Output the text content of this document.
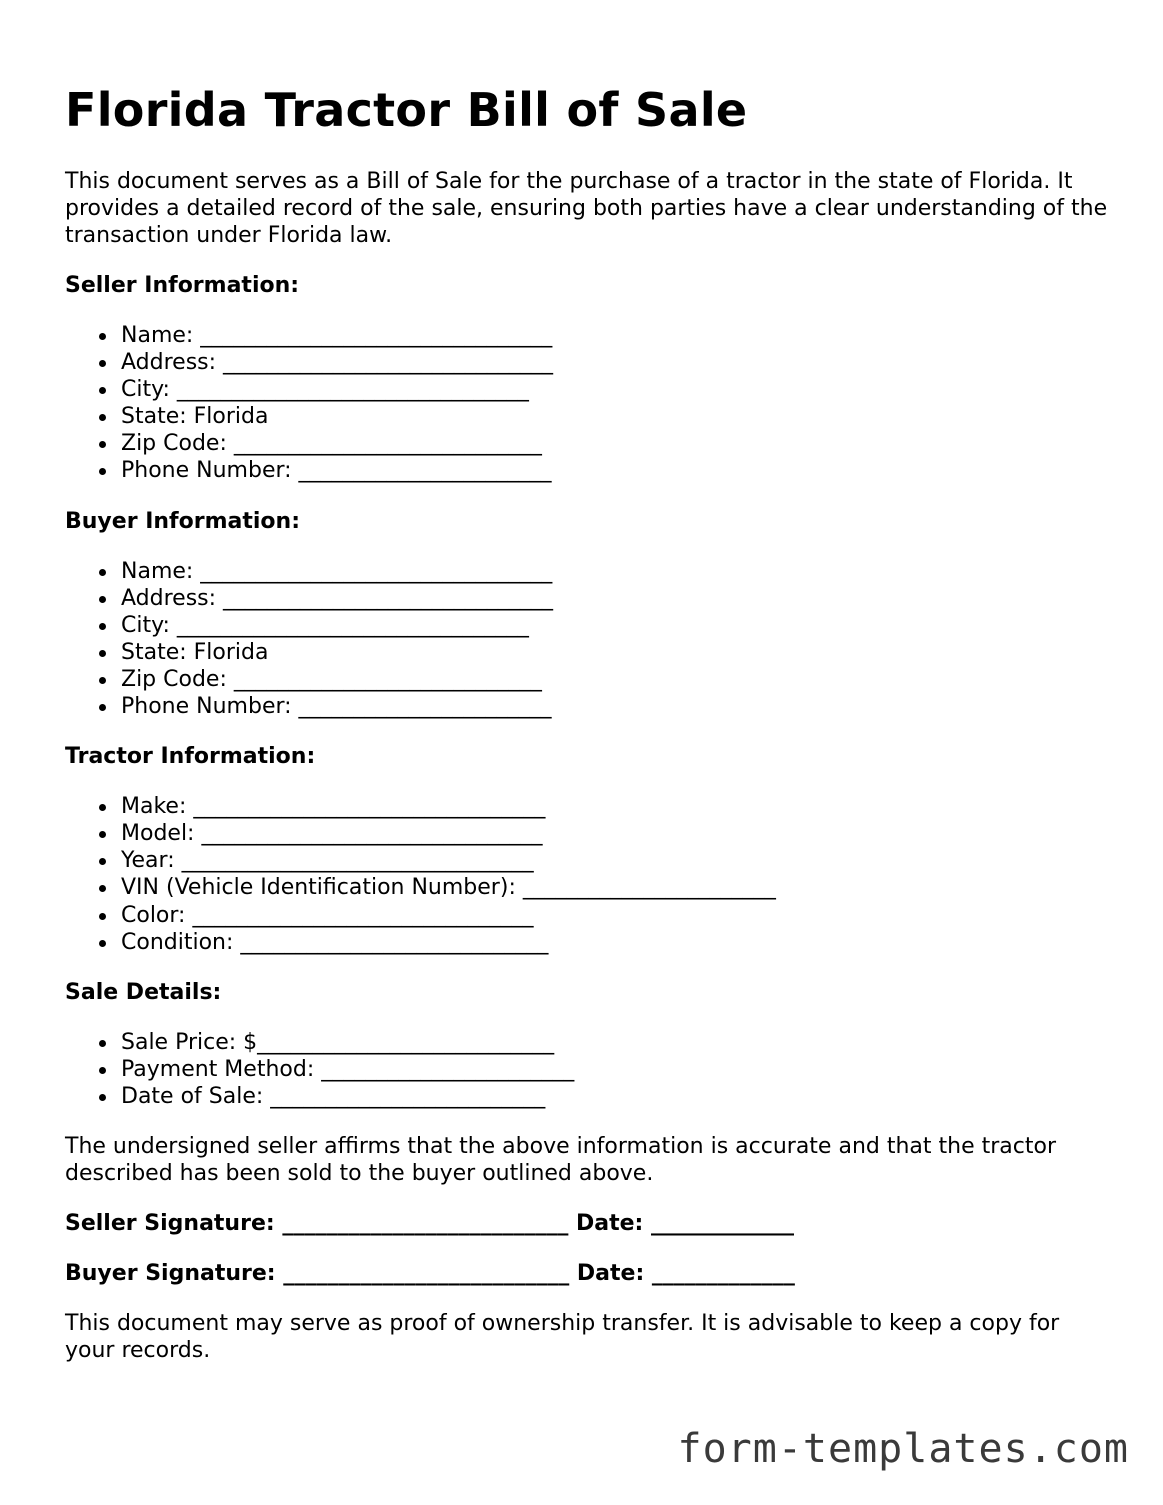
Florida Tractor Bill of Sale

This document serves as a Bill of Sale for the purchase of a tractor in the state of Florida. It provides a detailed record of the sale, ensuring both parties have a clear understanding of the transaction under Florida law.

Seller Information:
Name: ________________________________
Address: ______________________________
City: ________________________________
State: Florida
Zip Code: ____________________________
Phone Number: _______________________
Buyer Information:
Name: ________________________________
Address: ______________________________
City: ________________________________
State: Florida
Zip Code: ____________________________
Phone Number: _______________________
Tractor Information:
Make: ________________________________
Model: _______________________________
Year: ________________________________
VIN (Vehicle Identification Number): _______________________
Color: _______________________________
Condition: ____________________________
Sale Details:
Sale Price: $___________________________
Payment Method: _______________________
Date of Sale: _________________________

The undersigned seller affirms that the above information is accurate and that the tractor described has been sold to the buyer outlined above.

Seller Signature: __________________________ Date: _____________
Buyer Signature: __________________________ Date: _____________

This document may serve as proof of ownership transfer. It is advisable to keep a copy for your records.

form-templates.com
